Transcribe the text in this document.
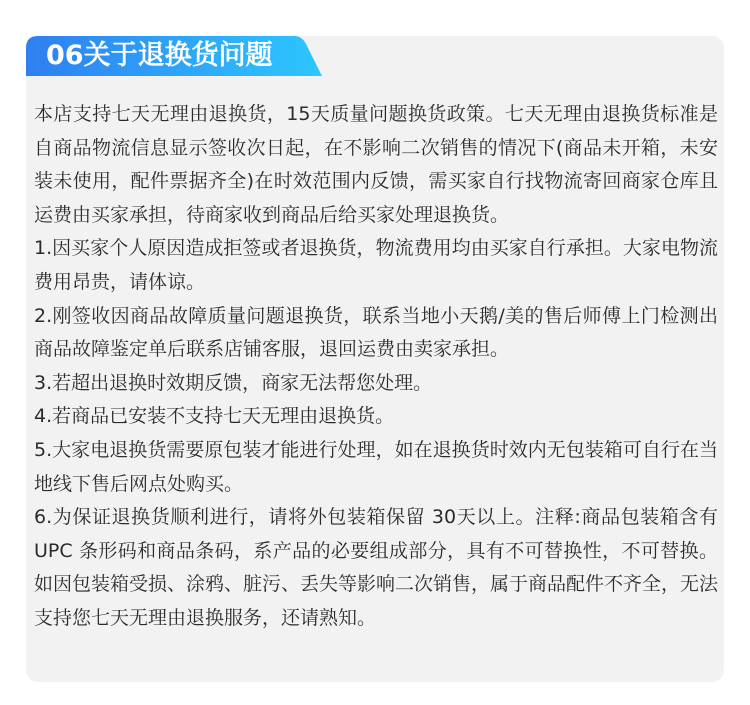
06关于退换货问题

本店支持七天无理由退换货，15天质量问题换货政策。七天无理由退换货标准是自商品物流信息显示签收次日起，在不影响二次销售的情况下(商品未开箱，未安装未使用，配件票据齐全)在时效范围内反馈，需买家自行找物流寄回商家仓库且运费由买家承担，待商家收到商品后给买家处理退换货。

1.因买家个人原因造成拒签或者退换货，物流费用均由买家自行承担。大家电物流费用昂贵，请体谅。

2.刚签收因商品故障质量问题退换货，联系当地小天鹅/美的售后师傅上门检测出商品故障鉴定单后联系店铺客服，退回运费由卖家承担。

3.若超出退换时效期反馈，商家无法帮您处理。

4.若商品已安装不支持七天无理由退换货。

5.大家电退换货需要原包装才能进行处理，如在退换货时效内无包装箱可自行在当地线下售后网点处购买。

6.为保证退换货顺利进行，请将外包装箱保留 30天以上。注释:商品包装箱含有UPC 条形码和商品条码，系产品的必要组成部分，具有不可替换性，不可替换。如因包装箱受损、涂鸦、脏污、丢失等影响二次销售，属于商品配件不齐全，无法支持您七天无理由退换服务，还请熟知。
